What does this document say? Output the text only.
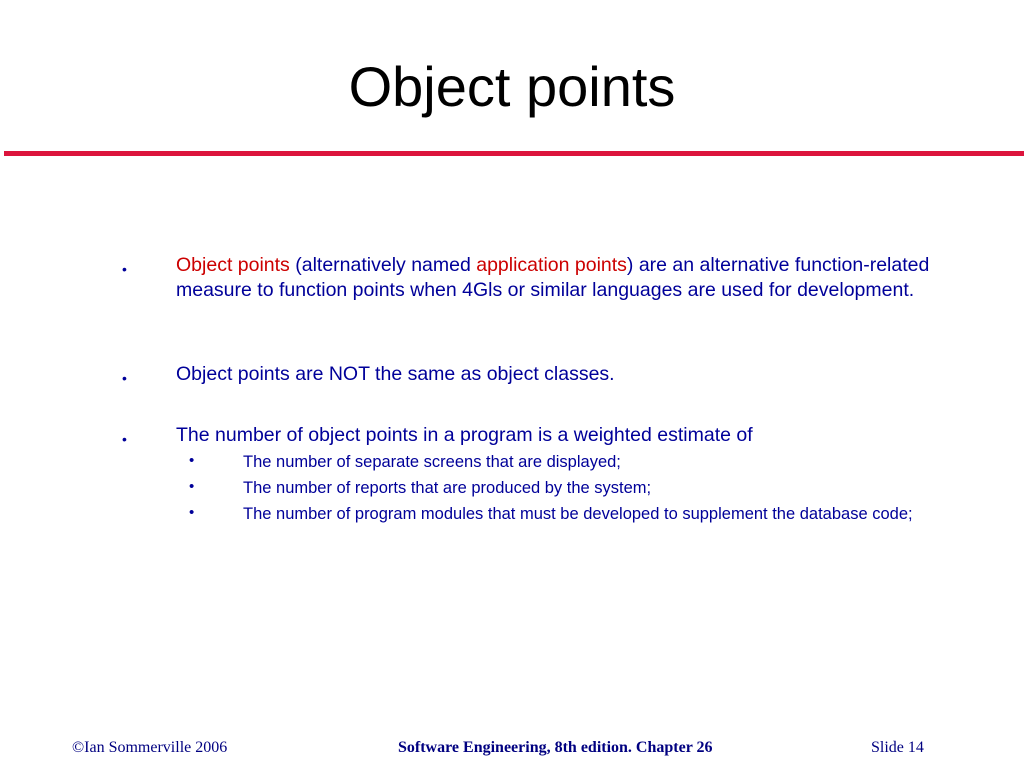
Object points
•	Object points (alternatively named application points) are an alternative function-related measure to function points when 4Gls or similar languages are used for development.
•	Object points are NOT the same as object classes.
•	The number of object points in a program is a weighted estimate of
•	The number of separate screens that are displayed;
•	The number of reports that are produced by the system;
•	The number of program modules that must be developed to supplement the database code;
©Ian Sommerville 2006	Software Engineering, 8th edition. Chapter 26	Slide 14
